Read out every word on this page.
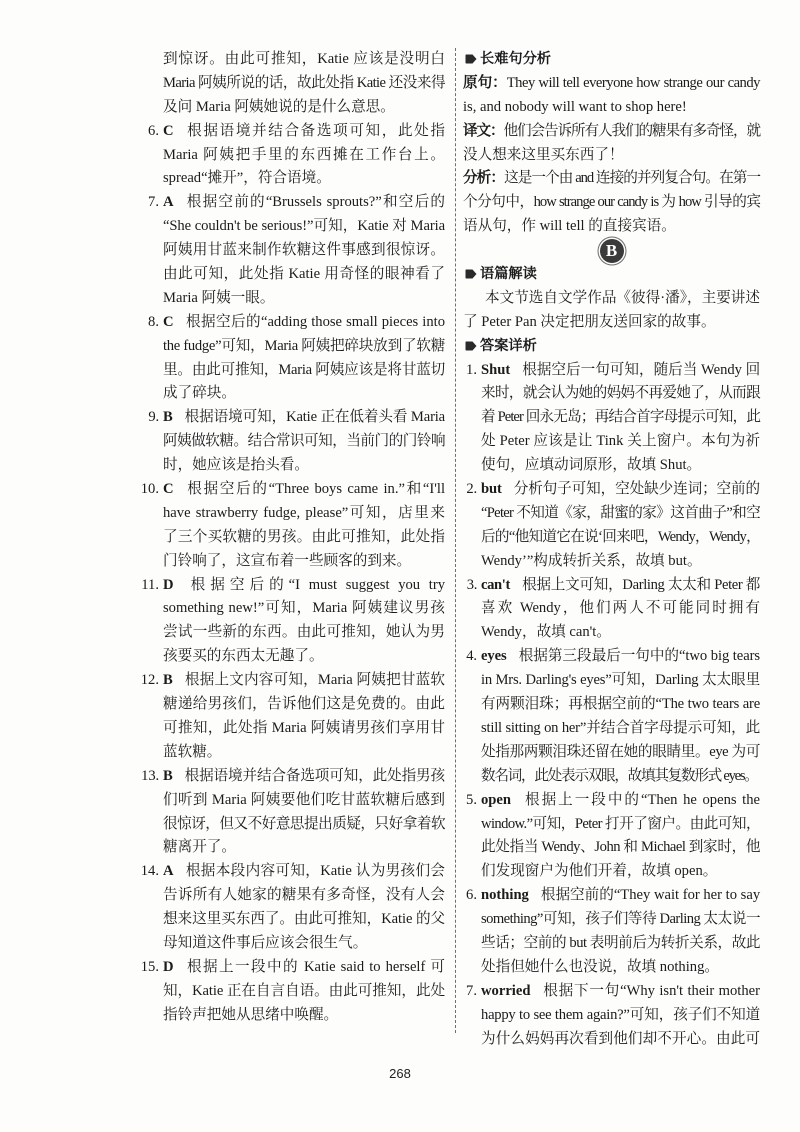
到惊讶。由此可推知，Katie 应该是没明白
Maria 阿姨所说的话，故此处指 Katie 还没来得
及问 Maria 阿姨她说的是什么意思。
6. C 根据语境并结合备选项可知，此处指
Maria 阿姨把手里的东西摊在工作台上。
spread“摊开”，符合语境。
7. A 根据空前的“Brussels sprouts?”和空后的
“She couldn't be serious!”可知，Katie 对 Maria
阿姨用甘蓝来制作软糖这件事感到很惊讶。
由此可知，此处指 Katie 用奇怪的眼神看了
Maria 阿姨一眼。
8. C 根据空后的“adding those small pieces into
the fudge”可知，Maria 阿姨把碎块放到了软糖
里。由此可推知，Maria 阿姨应该是将甘蓝切
成了碎块。
9. B 根据语境可知，Katie 正在低着头看 Maria
阿姨做软糖。结合常识可知，当前门的门铃响
时，她应该是抬头看。
10. C 根据空后的“Three boys came in.”和“I'll
have strawberry fudge, please”可知，店里来
了三个买软糖的男孩。由此可推知，此处指
门铃响了，这宣布着一些顾客的到来。
11. D 根据空后的“I must suggest you try
something new!”可知，Maria 阿姨建议男孩
尝试一些新的东西。由此可推知，她认为男
孩要买的东西太无趣了。
12. B 根据上文内容可知，Maria 阿姨把甘蓝软
糖递给男孩们，告诉他们这是免费的。由此
可推知，此处指 Maria 阿姨请男孩们享用甘
蓝软糖。
13. B 根据语境并结合备选项可知，此处指男孩
们听到 Maria 阿姨要他们吃甘蓝软糖后感到
很惊讶，但又不好意思提出质疑，只好拿着软
糖离开了。
14. A 根据本段内容可知，Katie 认为男孩们会
告诉所有人她家的糖果有多奇怪，没有人会
想来这里买东西了。由此可推知，Katie 的父
母知道这件事后应该会很生气。
15. D 根据上一段中的 Katie said to herself 可
知，Katie 正在自言自语。由此可推知，此处
指铃声把她从思绪中唤醒。
长难句分析
原句：They will tell everyone how strange our candy
is, and nobody will want to shop here!
译文：他们会告诉所有人我们的糖果有多奇怪，就
没人想来这里买东西了！
分析：这是一个由 and 连接的并列复合句。在第一
个分句中，how strange our candy is 为 how 引导的宾
语从句，作 will tell 的直接宾语。
B
语篇解读
本文节选自文学作品《彼得·潘》，主要讲述
了 Peter Pan 决定把朋友送回家的故事。
答案详析
1. Shut 根据空后一句可知，随后当 Wendy 回
来时，就会认为她的妈妈不再爱她了，从而跟
着 Peter 回永无岛；再结合首字母提示可知，此
处 Peter 应该是让 Tink 关上窗户。本句为祈
使句，应填动词原形，故填 Shut。
2. but 分析句子可知，空处缺少连词；空前的
“Peter 不知道《家，甜蜜的家》这首曲子”和空
后的“他知道它在说‘回来吧，Wendy，Wendy，
Wendy’”构成转折关系，故填 but。
3. can't 根据上文可知，Darling 太太和 Peter 都
喜欢 Wendy，他们两人不可能同时拥有
Wendy，故填 can't。
4. eyes 根据第三段最后一句中的“two big tears
in Mrs. Darling's eyes”可知，Darling 太太眼里
有两颗泪珠；再根据空前的“The two tears are
still sitting on her”并结合首字母提示可知，此
处指那两颗泪珠还留在她的眼睛里。eye 为可
数名词，此处表示双眼，故填其复数形式 eyes。
5. open 根据上一段中的“Then he opens the
window.”可知，Peter 打开了窗户。由此可知，
此处指当 Wendy、John 和 Michael 到家时，他
们发现窗户为他们开着，故填 open。
6. nothing 根据空前的“They wait for her to say
something”可知，孩子们等待 Darling 太太说一
些话；空前的 but 表明前后为转折关系，故此
处指但她什么也没说，故填 nothing。
7. worried 根据下一句“Why isn't their mother
happy to see them again?”可知，孩子们不知道
为什么妈妈再次看到他们却不开心。由此可
268
